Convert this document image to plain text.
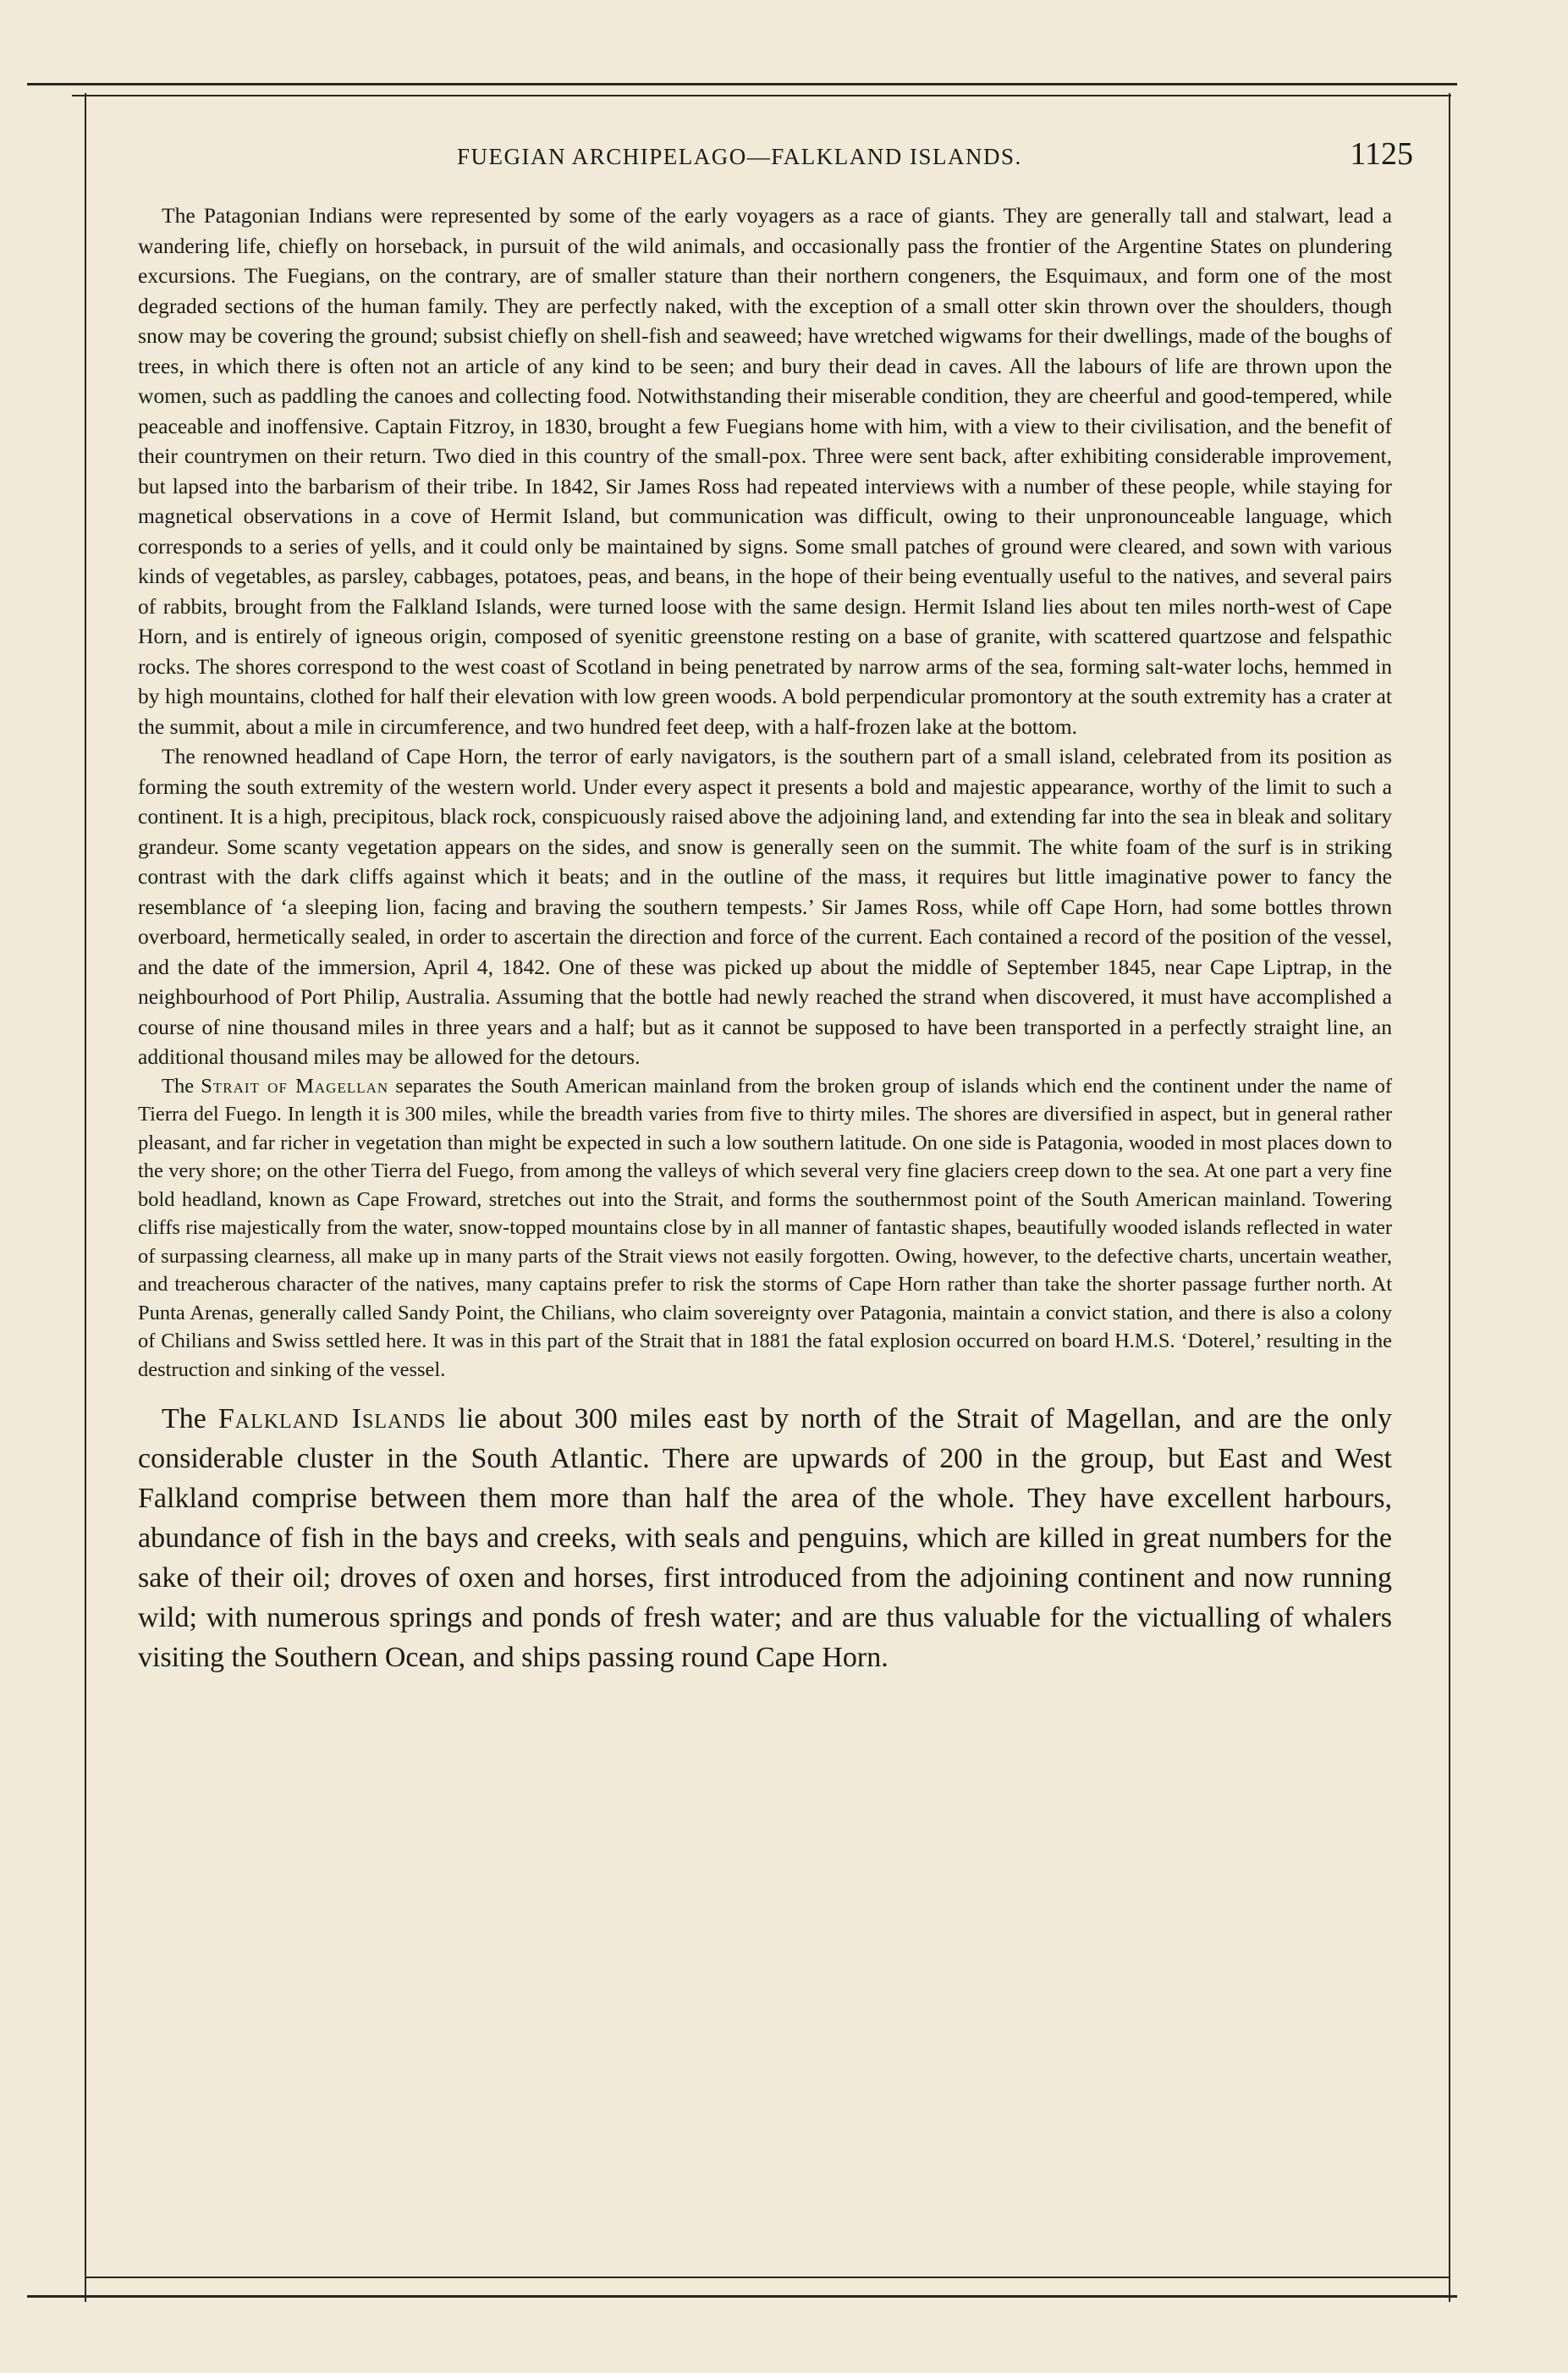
FUEGIAN ARCHIPELAGO—FALKLAND ISLANDS.	1125

The Patagonian Indians were represented by some of the early voyagers as a race of giants. They are generally tall and stalwart, lead a wandering life, chiefly on horseback, in pursuit of the wild animals, and occasionally pass the frontier of the Argentine States on plundering excursions. The Fuegians, on the contrary, are of smaller stature than their northern congeners, the Esquimaux, and form one of the most degraded sections of the human family. They are perfectly naked, with the exception of a small otter skin thrown over the shoulders, though snow may be covering the ground; subsist chiefly on shell-fish and seaweed; have wretched wigwams for their dwellings, made of the boughs of trees, in which there is often not an article of any kind to be seen; and bury their dead in caves. All the labours of life are thrown upon the women, such as paddling the canoes and collecting food. Notwithstanding their miserable condition, they are cheerful and good-tempered, while peaceable and inoffensive. Captain Fitzroy, in 1830, brought a few Fuegians home with him, with a view to their civilisation, and the benefit of their countrymen on their return. Two died in this country of the small-pox. Three were sent back, after exhibiting considerable improvement, but lapsed into the barbarism of their tribe. In 1842, Sir James Ross had repeated interviews with a number of these people, while staying for magnetical observations in a cove of Hermit Island, but communication was difficult, owing to their unpronounceable language, which corresponds to a series of yells, and it could only be maintained by signs. Some small patches of ground were cleared, and sown with various kinds of vegetables, as parsley, cabbages, potatoes, peas, and beans, in the hope of their being eventually useful to the natives, and several pairs of rabbits, brought from the Falkland Islands, were turned loose with the same design. Hermit Island lies about ten miles north-west of Cape Horn, and is entirely of igneous origin, composed of syenitic greenstone resting on a base of granite, with scattered quartzose and felspathic rocks. The shores correspond to the west coast of Scotland in being penetrated by narrow arms of the sea, forming salt-water lochs, hemmed in by high mountains, clothed for half their elevation with low green woods. A bold perpendicular promontory at the south extremity has a crater at the summit, about a mile in circumference, and two hundred feet deep, with a half-frozen lake at the bottom.

The renowned headland of Cape Horn, the terror of early navigators, is the southern part of a small island, celebrated from its position as forming the south extremity of the western world. Under every aspect it presents a bold and majestic appearance, worthy of the limit to such a continent. It is a high, precipitous, black rock, conspicuously raised above the adjoining land, and extending far into the sea in bleak and solitary grandeur. Some scanty vegetation appears on the sides, and snow is generally seen on the summit. The white foam of the surf is in striking contrast with the dark cliffs against which it beats; and in the outline of the mass, it requires but little imaginative power to fancy the resemblance of ‘a sleeping lion, facing and braving the southern tempests.’ Sir James Ross, while off Cape Horn, had some bottles thrown overboard, hermetically sealed, in order to ascertain the direction and force of the current. Each contained a record of the position of the vessel, and the date of the immersion, April 4, 1842. One of these was picked up about the middle of September 1845, near Cape Liptrap, in the neighbourhood of Port Philip, Australia. Assuming that the bottle had newly reached the strand when discovered, it must have accomplished a course of nine thousand miles in three years and a half; but as it cannot be supposed to have been transported in a perfectly straight line, an additional thousand miles may be allowed for the detours.

The Strait of Magellan separates the South American mainland from the broken group of islands which end the continent under the name of Tierra del Fuego. In length it is 300 miles, while the breadth varies from five to thirty miles. The shores are diversified in aspect, but in general rather pleasant, and far richer in vegetation than might be expected in such a low southern latitude. On one side is Patagonia, wooded in most places down to the very shore; on the other Tierra del Fuego, from among the valleys of which several very fine glaciers creep down to the sea. At one part a very fine bold headland, known as Cape Froward, stretches out into the Strait, and forms the southernmost point of the South American mainland. Towering cliffs rise majestically from the water, snow-topped mountains close by in all manner of fantastic shapes, beautifully wooded islands reflected in water of surpassing clearness, all make up in many parts of the Strait views not easily forgotten. Owing, however, to the defective charts, uncertain weather, and treacherous character of the natives, many captains prefer to risk the storms of Cape Horn rather than take the shorter passage further north. At Punta Arenas, generally called Sandy Point, the Chilians, who claim sovereignty over Patagonia, maintain a convict station, and there is also a colony of Chilians and Swiss settled here. It was in this part of the Strait that in 1881 the fatal explosion occurred on board H.M.S. ‘Doterel,’ resulting in the destruction and sinking of the vessel.

The Falkland Islands lie about 300 miles east by north of the Strait of Magellan, and are the only considerable cluster in the South Atlantic. There are upwards of 200 in the group, but East and West Falkland comprise between them more than half the area of the whole. They have excellent harbours, abundance of fish in the bays and creeks, with seals and penguins, which are killed in great numbers for the sake of their oil; droves of oxen and horses, first introduced from the adjoining continent and now running wild; with numerous springs and ponds of fresh water; and are thus valuable for the victualling of whalers visiting the Southern Ocean, and ships passing round Cape Horn.
